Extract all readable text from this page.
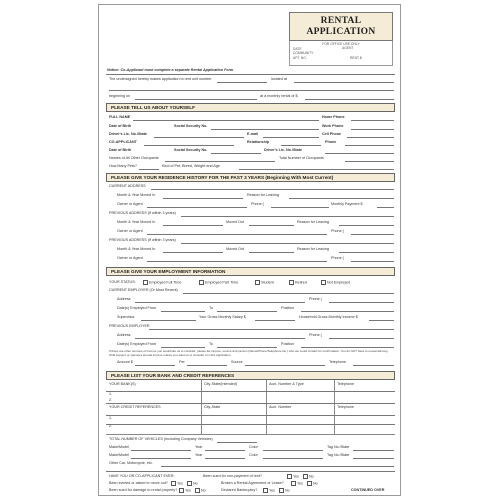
RENTAL
APPLICATION
FOR OFFICE USE ONLY
DATE	AGENT
COMMUNITY
APT. NO.	RENT $
Notice: Co-Applicant must complete a separate Rental Application Form
The undersigned hereby makes application to rent unit number	located at
beginning on	at a monthly rental of $
PLEASE TELL US ABOUT YOURSELF
FULL NAME	Home Phone
Date of Birth	Social Security No.	Work Phone
Driver's Lic. No./State	E-mail	Cell Phone
CO-APPLICANT	Relationship	Phone
Date of Birth	Social Security No.	Driver's Lic. No./State
Names of All Other Occupants	Total Number of Occupants
How Many Pets?	Kind of Pet, Breed, Weight and Age
PLEASE GIVE YOUR RESIDENCE HISTORY FOR THE PAST 3 YEARS (Beginning With Most Current)
CURRENT ADDRESS
Month & Year Moved In	Reason for Leaving
Owner or Agent	Phone (	Monthly Payment $
PREVIOUS ADDRESS (If within 3 years)
Month & Year Moved In	Moved Out	Reason for Leaving
Owner or Agent	Phone (
PREVIOUS ADDRESS (If within 3 years)
Month & Year Moved In	Moved Out	Reason for Leaving
Owner or Agent	Phone (
PLEASE GIVE YOUR EMPLOYMENT INFORMATION
YOUR STATUS:	Employed Full Time	Employed Part Time	Student	Retired	Not Employed
CURRENT EMPLOYER (Or Most Recent)
Address	Phone (
Date(s) Employed From	To	Position
Supervisor	Your Gross Monthly Salary $	Household Gross Monthly Income $
PREVIOUS EMPLOYER
Address	Phone (
Date(s) Employed From	To	Position
If there are other sources of income you would like us to consider, please list income, source and person (Name/Phone/Telephone No.) who we could contact for confirmation. You do NOT have to reveal alimony, child support or spouse's annual income unless you want us to consider it in this application.
Amount $	Per	Source	Telephone
PLEASE LIST YOUR BANK AND CREDIT REFERENCES
YOUR BANK(S)	City-State(Intended)	Acct. Number & Type	Telephone
1.
2.
YOUR CREDIT REFERENCES	City-State	Acct. Number	Telephone
1.
2.
TOTAL NUMBER OF VEHICLES (Including Company Vehicles)
Make/Model	Year	Color	Tag No./State
Make/Model	Year	Color	Tag No./State
Other Car, Motorcycle, etc.
HAVE YOU OR CO-APPLICANT EVER:	Been sued for non-payment of rent?	Yes	No
Been evicted or asked to move out?	Yes	No	Broken a Rental Agreement or Lease?	Yes	No
Been sued for damage to rental property?	Yes	No	Declared Bankruptcy?	Yes	No	CONTINUED OVER
